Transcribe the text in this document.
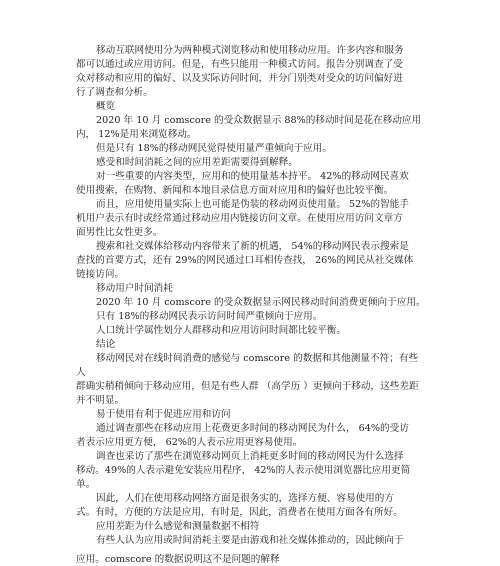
移动互联网使用分为两种模式浏览移动和使用移动应用。许多内容和服务
都可以通过或应用访问。但是，有些只能用一种模式访问。报告分别调查了受
众对移动和应用的偏好、以及实际访问时间，并分门别类对受众的访问偏好进
行了调查和分析。
概览
2020 年 10 月 comscore 的受众数据显示 88%的移动时间是花在移动应用
内， 12%是用来浏览移动。
但是只有 18%的移动网民觉得使用量严重倾向于应用。
感受和时间消耗之间的应用差距需要得到解释。
对一些重要的内容类型，应用和的使用量基本持平。 42%的移动网民喜欢
使用搜索，在购物、新闻和本地目录信息方面对应用和的偏好也比较平衡。
而且，应用使用量实际上也可能是伪装的移动网页使用量。 52%的智能手
机用户表示有时或经常通过移动应用内链接访问文章。在使用应用访问文章方
面男性比女性更多。
搜索和社交媒体给移动内容带来了新的机遇， 54%的移动网民表示搜索是
查找的首要方式，还有 29%的网民通过口耳相传查找， 26%的网民从社交媒体
链接访问。
移动用户时间消耗
2020 年 10 月 comscore 的受众数据显示网民移动时间消费更倾向于应用。
只有 18%的移动网民表示访问时间严重倾向于应用。
人口统计学属性划分人群移动和应用访问时间都比较平衡。
结论
移动网民对在线时间消费的感觉与 comscore 的数据和其他测量不符；有些
人
群确实稍稍倾向于移动应用，但是有些人群 （高学历 ）更倾向于移动，这些差距
并不明显。
易于使用有利于促进应用和访问
通过调查那些在移动应用上花费更多时间的移动网民为什么， 64%的受访
者表示应用更方便， 62%的人表示应用更容易使用。
调查也采访了那些在浏览移动网页上消耗更多时间的移动网民为什么选择
移动。49%的人表示避免安装应用程序， 42%的人表示使用浏览器比应用更简
单。
因此，人们在使用移动网络方面是很务实的，选择方便、容易使用的方
式。有时，方便的方法是应用，有时是，因此，消费者在使用方面各有所好。
应用差距为什么感觉和测量数据不相符
有些人认为应用或时间消耗主要是由游戏和社交媒体推动的，因此倾向于
应用。comscore 的数据说明这不是问题的解释
